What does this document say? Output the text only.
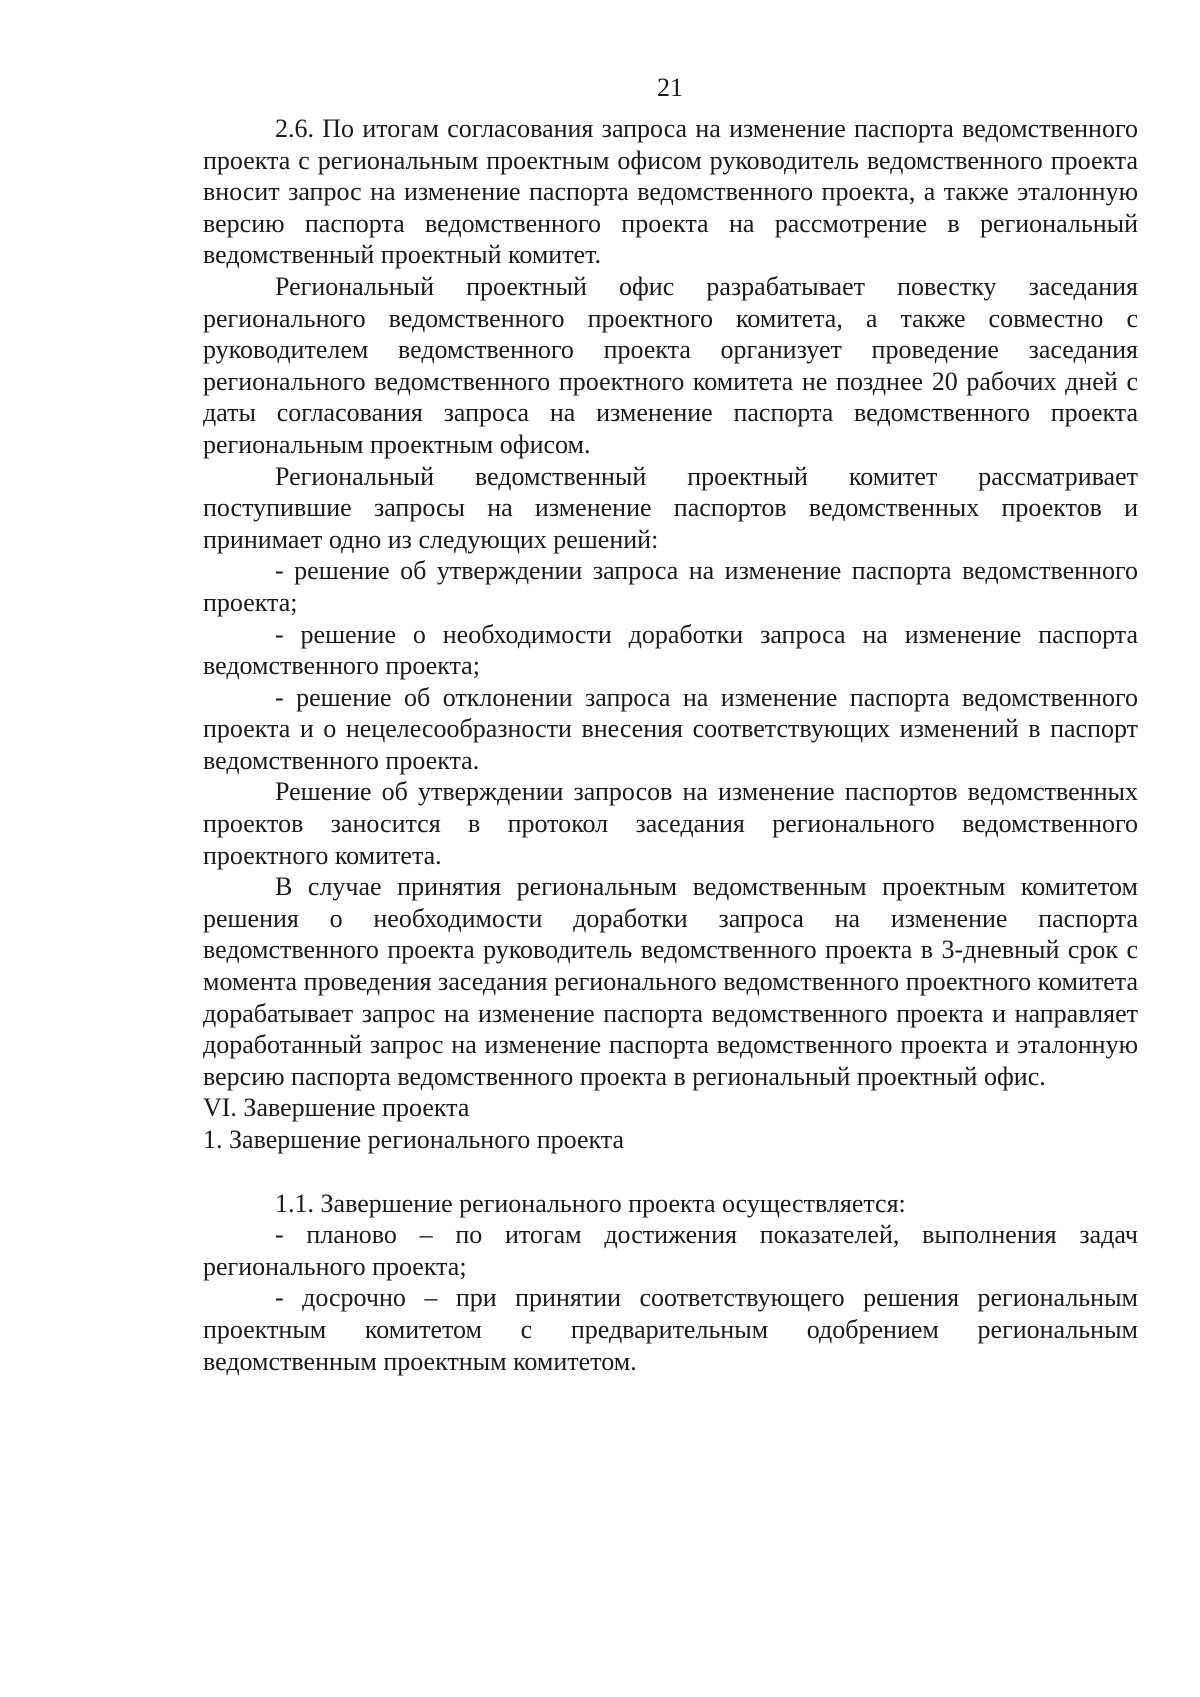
21

2.6. По итогам согласования запроса на изменение паспорта ведомственного проекта с региональным проектным офисом руководитель ведомственного проекта вносит запрос на изменение паспорта ведомственного проекта, а также эталонную версию паспорта ведомственного проекта на рассмотрение в региональный ведомственный проектный комитет.

Региональный проектный офис разрабатывает повестку заседания регионального ведомственного проектного комитета, а также совместно с руководителем ведомственного проекта организует проведение заседания регионального ведомственного проектного комитета не позднее 20 рабочих дней с даты согласования запроса на изменение паспорта ведомственного проекта региональным проектным офисом.

Региональный ведомственный проектный комитет рассматривает поступившие запросы на изменение паспортов ведомственных проектов и принимает одно из следующих решений:

- решение об утверждении запроса на изменение паспорта ведомственного проекта;

- решение о необходимости доработки запроса на изменение паспорта ведомственного проекта;

- решение об отклонении запроса на изменение паспорта ведомственного проекта и о нецелесообразности внесения соответствующих изменений в паспорт ведомственного проекта.

Решение об утверждении запросов на изменение паспортов ведомственных проектов заносится в протокол заседания регионального ведомственного проектного комитета.

В случае принятия региональным ведомственным проектным комитетом решения о необходимости доработки запроса на изменение паспорта ведомственного проекта руководитель ведомственного проекта в 3-дневный срок с момента проведения заседания регионального ведомственного проектного комитета дорабатывает запрос на изменение паспорта ведомственного проекта и направляет доработанный запрос на изменение паспорта ведомственного проекта и эталонную версию паспорта ведомственного проекта в региональный проектный офис.

VI. Завершение проекта

1. Завершение регионального проекта

1.1. Завершение регионального проекта осуществляется:

- планово – по итогам достижения показателей, выполнения задач регионального проекта;

- досрочно – при принятии соответствующего решения региональным проектным комитетом с предварительным одобрением региональным ведомственным проектным комитетом.
